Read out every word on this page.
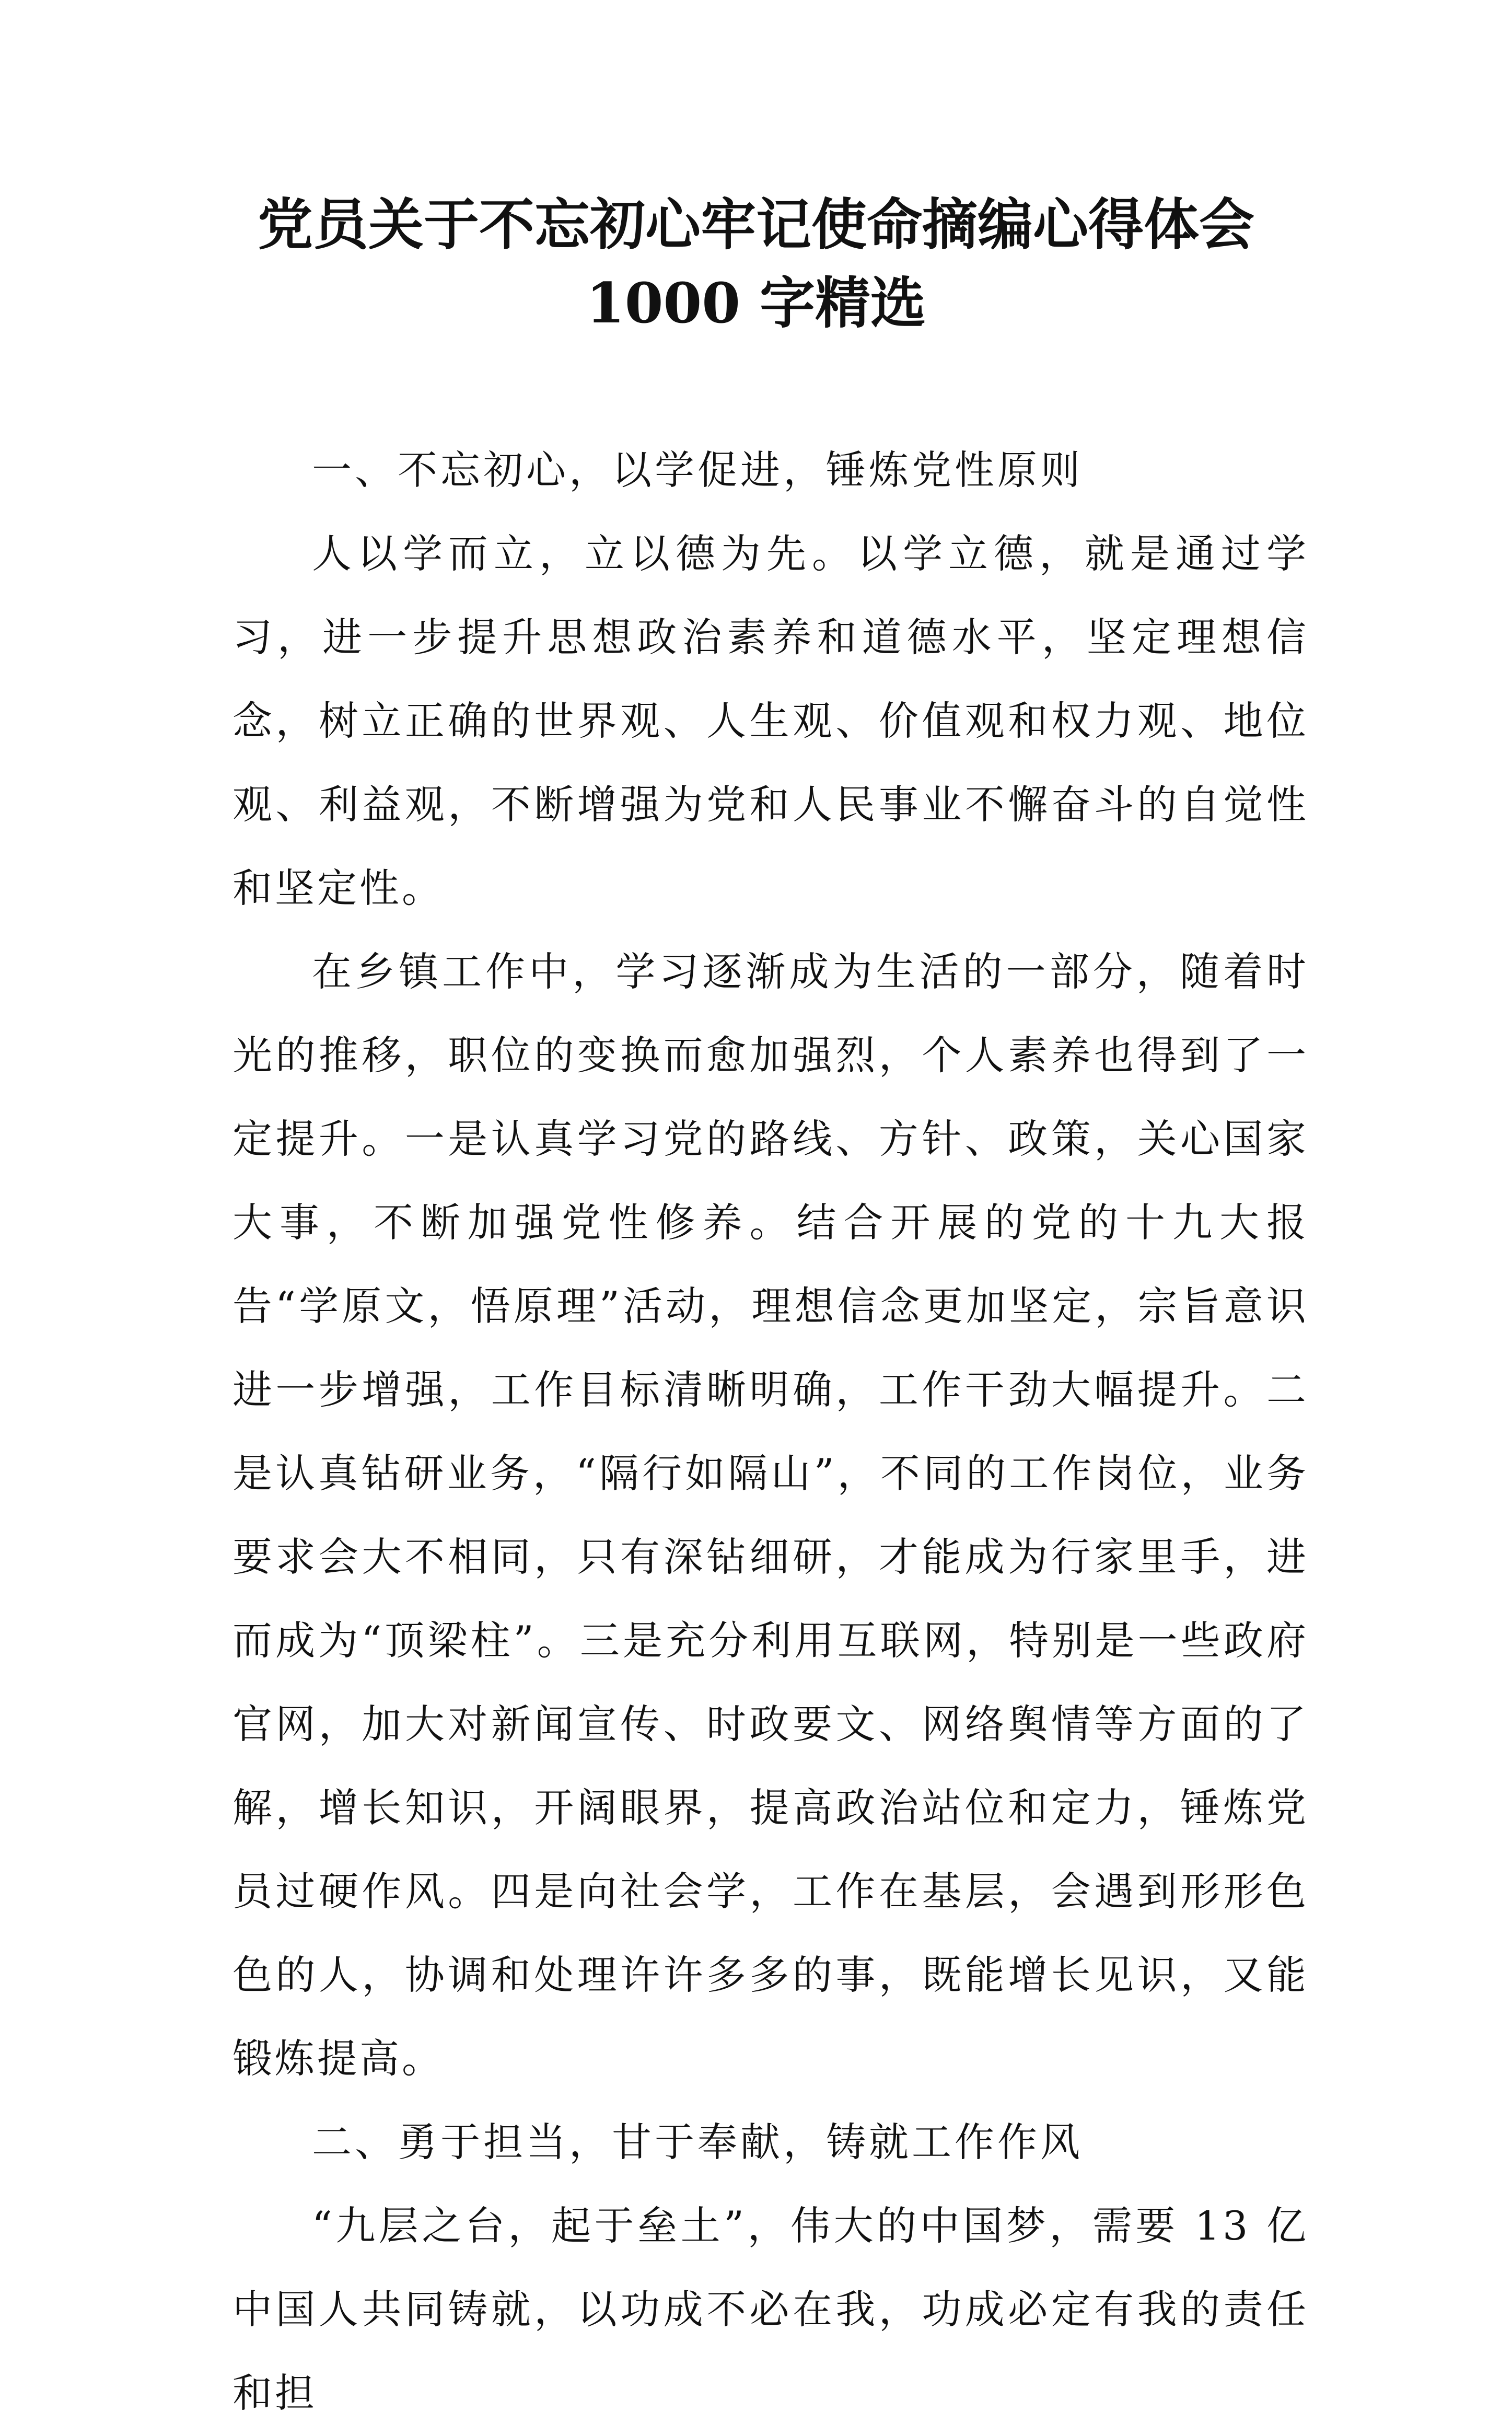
党员关于不忘初心牢记使命摘编心得体会
1000 字精选

一、不忘初心，以学促进，锤炼党性原则

人以学而立，立以德为先。以学立德，就是通过学习，进一步提升思想政治素养和道德水平，坚定理想信念，树立正确的世界观、人生观、价值观和权力观、地位观、利益观，不断增强为党和人民事业不懈奋斗的自觉性和坚定性。

在乡镇工作中，学习逐渐成为生活的一部分，随着时光的推移，职位的变换而愈加强烈，个人素养也得到了一定提升。一是认真学习党的路线、方针、政策，关心国家大事，不断加强党性修养。结合开展的党的十九大报告“学原文，悟原理”活动，理想信念更加坚定，宗旨意识进一步增强，工作目标清晰明确，工作干劲大幅提升。二是认真钻研业务，“隔行如隔山”，不同的工作岗位，业务要求会大不相同，只有深钻细研，才能成为行家里手，进而成为“顶梁柱”。三是充分利用互联网，特别是一些政府官网，加大对新闻宣传、时政要文、网络舆情等方面的了解，增长知识，开阔眼界，提高政治站位和定力，锤炼党员过硬作风。四是向社会学，工作在基层，会遇到形形色色的人，协调和处理许许多多的事，既能增长见识，又能锻炼提高。

二、勇于担当，甘于奉献，铸就工作作风

“九层之台，起于垒土”，伟大的中国梦，需要 13 亿中国人共同铸就，以功成不必在我，功成必定有我的责任和担
